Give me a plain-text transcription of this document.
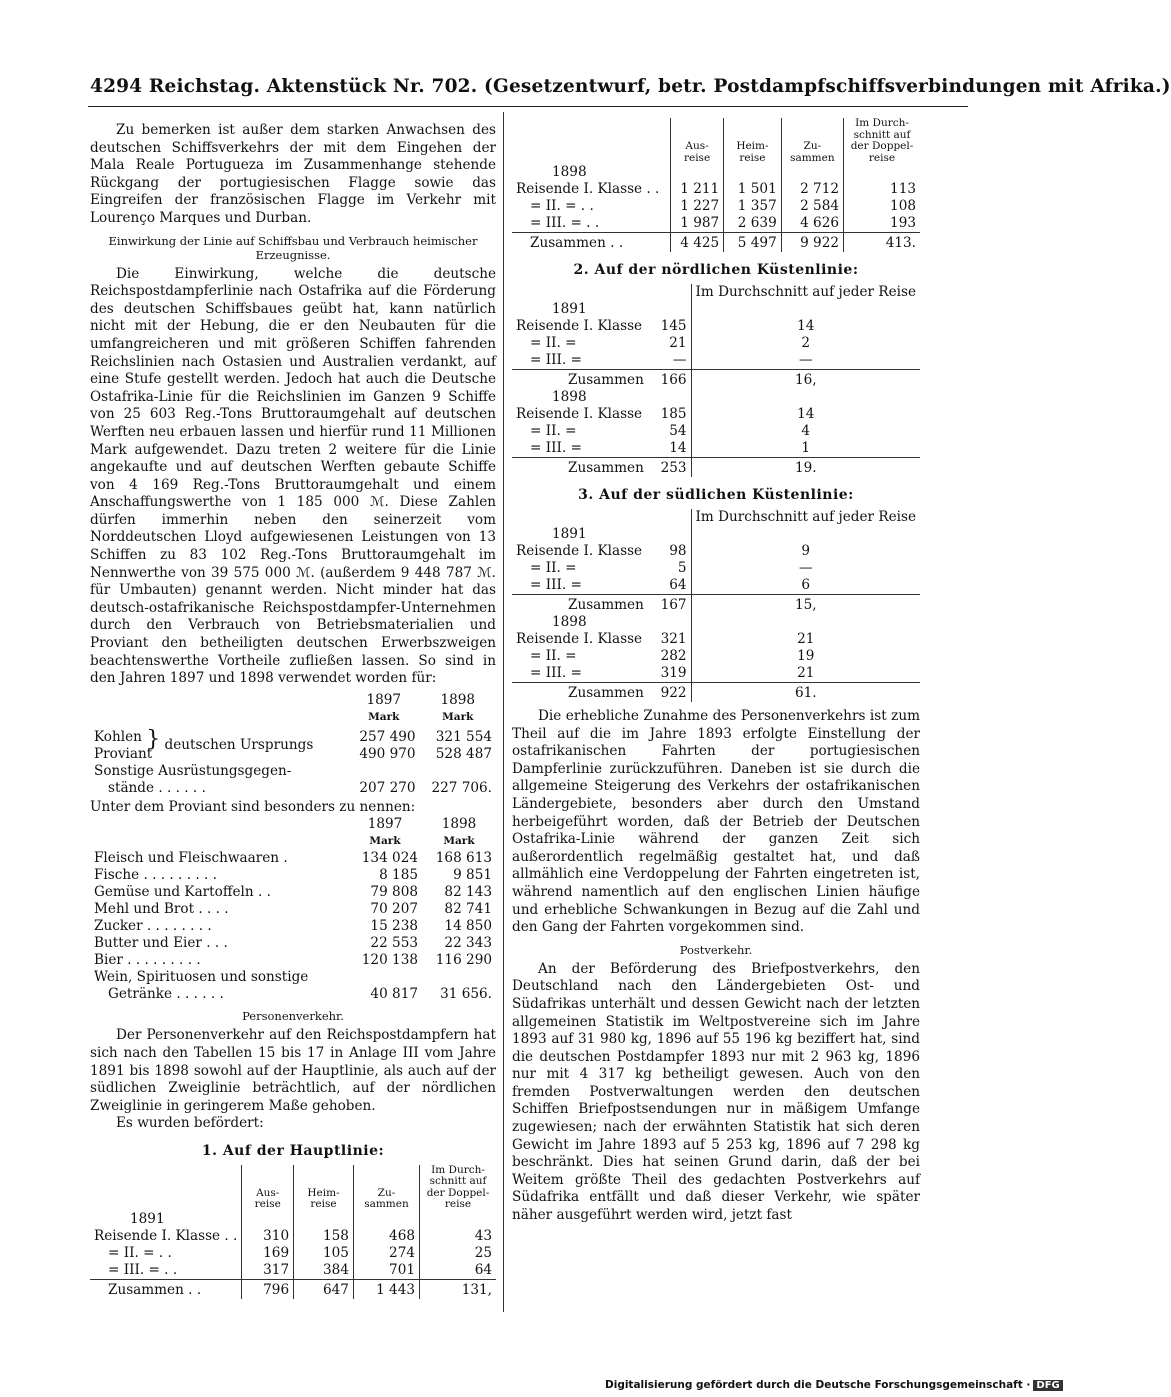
4294 Reichstag. Aktenstück Nr. 702. (Gesetzentwurf, betr. Postdampfschiffsverbindungen mit Afrika.)

Zu bemerken ist außer dem starken Anwachsen des deutschen Schiffsverkehrs der mit dem Eingehen der Mala Reale Portugueza im Zusammenhange stehende Rückgang der portugiesischen Flagge sowie das Eingreifen der französischen Flagge im Verkehr mit Lourenço Marques und Durban.

Einwirkung der Linie auf Schiffsbau und Verbrauch heimischer Erzeugnisse.

Die Einwirkung, welche die deutsche Reichspostdampferlinie nach Ostafrika auf die Förderung des deutschen Schiffsbaues geübt hat, kann natürlich nicht mit der Hebung, die er den Neubauten für die umfangreicheren und mit größeren Schiffen fahrenden Reichslinien nach Ostasien und Australien verdankt, auf eine Stufe gestellt werden. Jedoch hat auch die Deutsche Ostafrika-Linie für die Reichslinien im Ganzen 9 Schiffe von 25 603 Reg.-Tons Bruttoraumgehalt auf deutschen Werften neu erbauen lassen und hierfür rund 11 Millionen Mark aufgewendet. Dazu treten 2 weitere für die Linie angekaufte und auf deutschen Werften gebaute Schiffe von 4 169 Reg.-Tons Bruttoraumgehalt und einem Anschaffungswerthe von 1 185 000 ℳ. Diese Zahlen dürfen immerhin neben den seinerzeit vom Norddeutschen Lloyd aufgewiesenen Leistungen von 13 Schiffen zu 83 102 Reg.-Tons Bruttoraumgehalt im Nennwerthe von 39 575 000 ℳ. (außerdem 9 448 787 ℳ. für Umbauten) genannt werden. Nicht minder hat das deutsch-ostafrikanische Reichspostdampfer-Unternehmen durch den Verbrauch von Betriebsmaterialien und Proviant den betheiligten deutschen Erwerbszweigen beachtenswerthe Vortheile zufließen lassen. So sind in den Jahren 1897 und 1898 verwendet worden für:

	1897	1898
	Mark	Mark
Kohlen } deutschen Ursprungs	257 490	321 554
Proviant	490 970	528 487
Sonstige Ausrüstungsgegen-		
stände . . . . . .	207 270	227 706.

Unter dem Proviant sind besonders zu nennen:

	1897	1898
	Mark	Mark
Fleisch und Fleischwaaren .	134 024	168 613
Fische . . . . . . . . .	8 185	9 851
Gemüse und Kartoffeln . .	79 808	82 143
Mehl und Brot . . . .	70 207	82 741
Zucker . . . . . . . .	15 238	14 850
Butter und Eier . . .	22 553	22 343
Bier . . . . . . . . .	120 138	116 290
Wein, Spirituosen und sonstige		
Getränke . . . . . .	40 817	31 656.
Personenverkehr.

Der Personenverkehr auf den Reichspostdampfern hat sich nach den Tabellen 15 bis 17 in Anlage III vom Jahre 1891 bis 1898 sowohl auf der Hauptlinie, als auch auf der südlichen Zweiglinie beträchtlich, auf der nördlichen Zweiglinie in geringerem Maße gehoben.

Es wurden befördert:

1. Auf der Hauptlinie:
	Aus-reise	Heim-reise	Zu-sammen	Im Durch-schnitt auf der Doppel-reise
1891				
Reisende I. Klasse . .	310	158	468	43
= II. = . .	169	105	274	25
= III. = . .	317	384	701	64
Zusammen . .	796	647	1 443	131,
	Aus-reise	Heim-reise	Zu-sammen	Im Durch-schnitt auf der Doppel-reise
1898				
Reisende I. Klasse . .	1 211	1 501	2 712	113
= II. = . .	1 227	1 357	2 584	108
= III. = . .	1 987	2 639	4 626	193
Zusammen . .	4 425	5 497	9 922	413.
2. Auf der nördlichen Küstenlinie:
		Im Durchschnitt auf jeder Reise
1891		
Reisende I. Klasse	145	14
= II. =	21	2
= III. =	—	—
Zusammen	166	16,
1898		
Reisende I. Klasse	185	14
= II. =	54	4
= III. =	14	1
Zusammen	253	19.
3. Auf der südlichen Küstenlinie:
		Im Durchschnitt auf jeder Reise
1891		
Reisende I. Klasse	98	9
= II. =	5	—
= III. =	64	6
Zusammen	167	15,
1898		
Reisende I. Klasse	321	21
= II. =	282	19
= III. =	319	21
Zusammen	922	61.

Die erhebliche Zunahme des Personenverkehrs ist zum Theil auf die im Jahre 1893 erfolgte Einstellung der ostafrikanischen Fahrten der portugiesischen Dampferlinie zurückzuführen. Daneben ist sie durch die allgemeine Steigerung des Verkehrs der ostafrikanischen Ländergebiete, besonders aber durch den Umstand herbeigeführt worden, daß der Betrieb der Deutschen Ostafrika-Linie während der ganzen Zeit sich außerordentlich regelmäßig gestaltet hat, und daß allmählich eine Verdoppelung der Fahrten eingetreten ist, während namentlich auf den englischen Linien häufige und erhebliche Schwankungen in Bezug auf die Zahl und den Gang der Fahrten vorgekommen sind.

Postverkehr.

An der Beförderung des Briefpostverkehrs, den Deutschland nach den Ländergebieten Ost- und Südafrikas unterhält und dessen Gewicht nach der letzten allgemeinen Statistik im Weltpostvereine sich im Jahre 1893 auf 31 980 kg, 1896 auf 55 196 kg beziffert hat, sind die deutschen Postdampfer 1893 nur mit 2 963 kg, 1896 nur mit 4 317 kg betheiligt gewesen. Auch von den fremden Postverwaltungen werden den deutschen Schiffen Briefpostsendungen nur in mäßigem Umfange zugewiesen; nach der erwähnten Statistik hat sich deren Gewicht im Jahre 1893 auf 5 253 kg, 1896 auf 7 298 kg beschränkt. Dies hat seinen Grund darin, daß der bei Weitem größte Theil des gedachten Postverkehrs auf Südafrika entfällt und daß dieser Verkehr, wie später näher ausgeführt werden wird, jetzt fast

Digitalisierung gefördert durch die Deutsche Forschungsgemeinschaft · DFG
